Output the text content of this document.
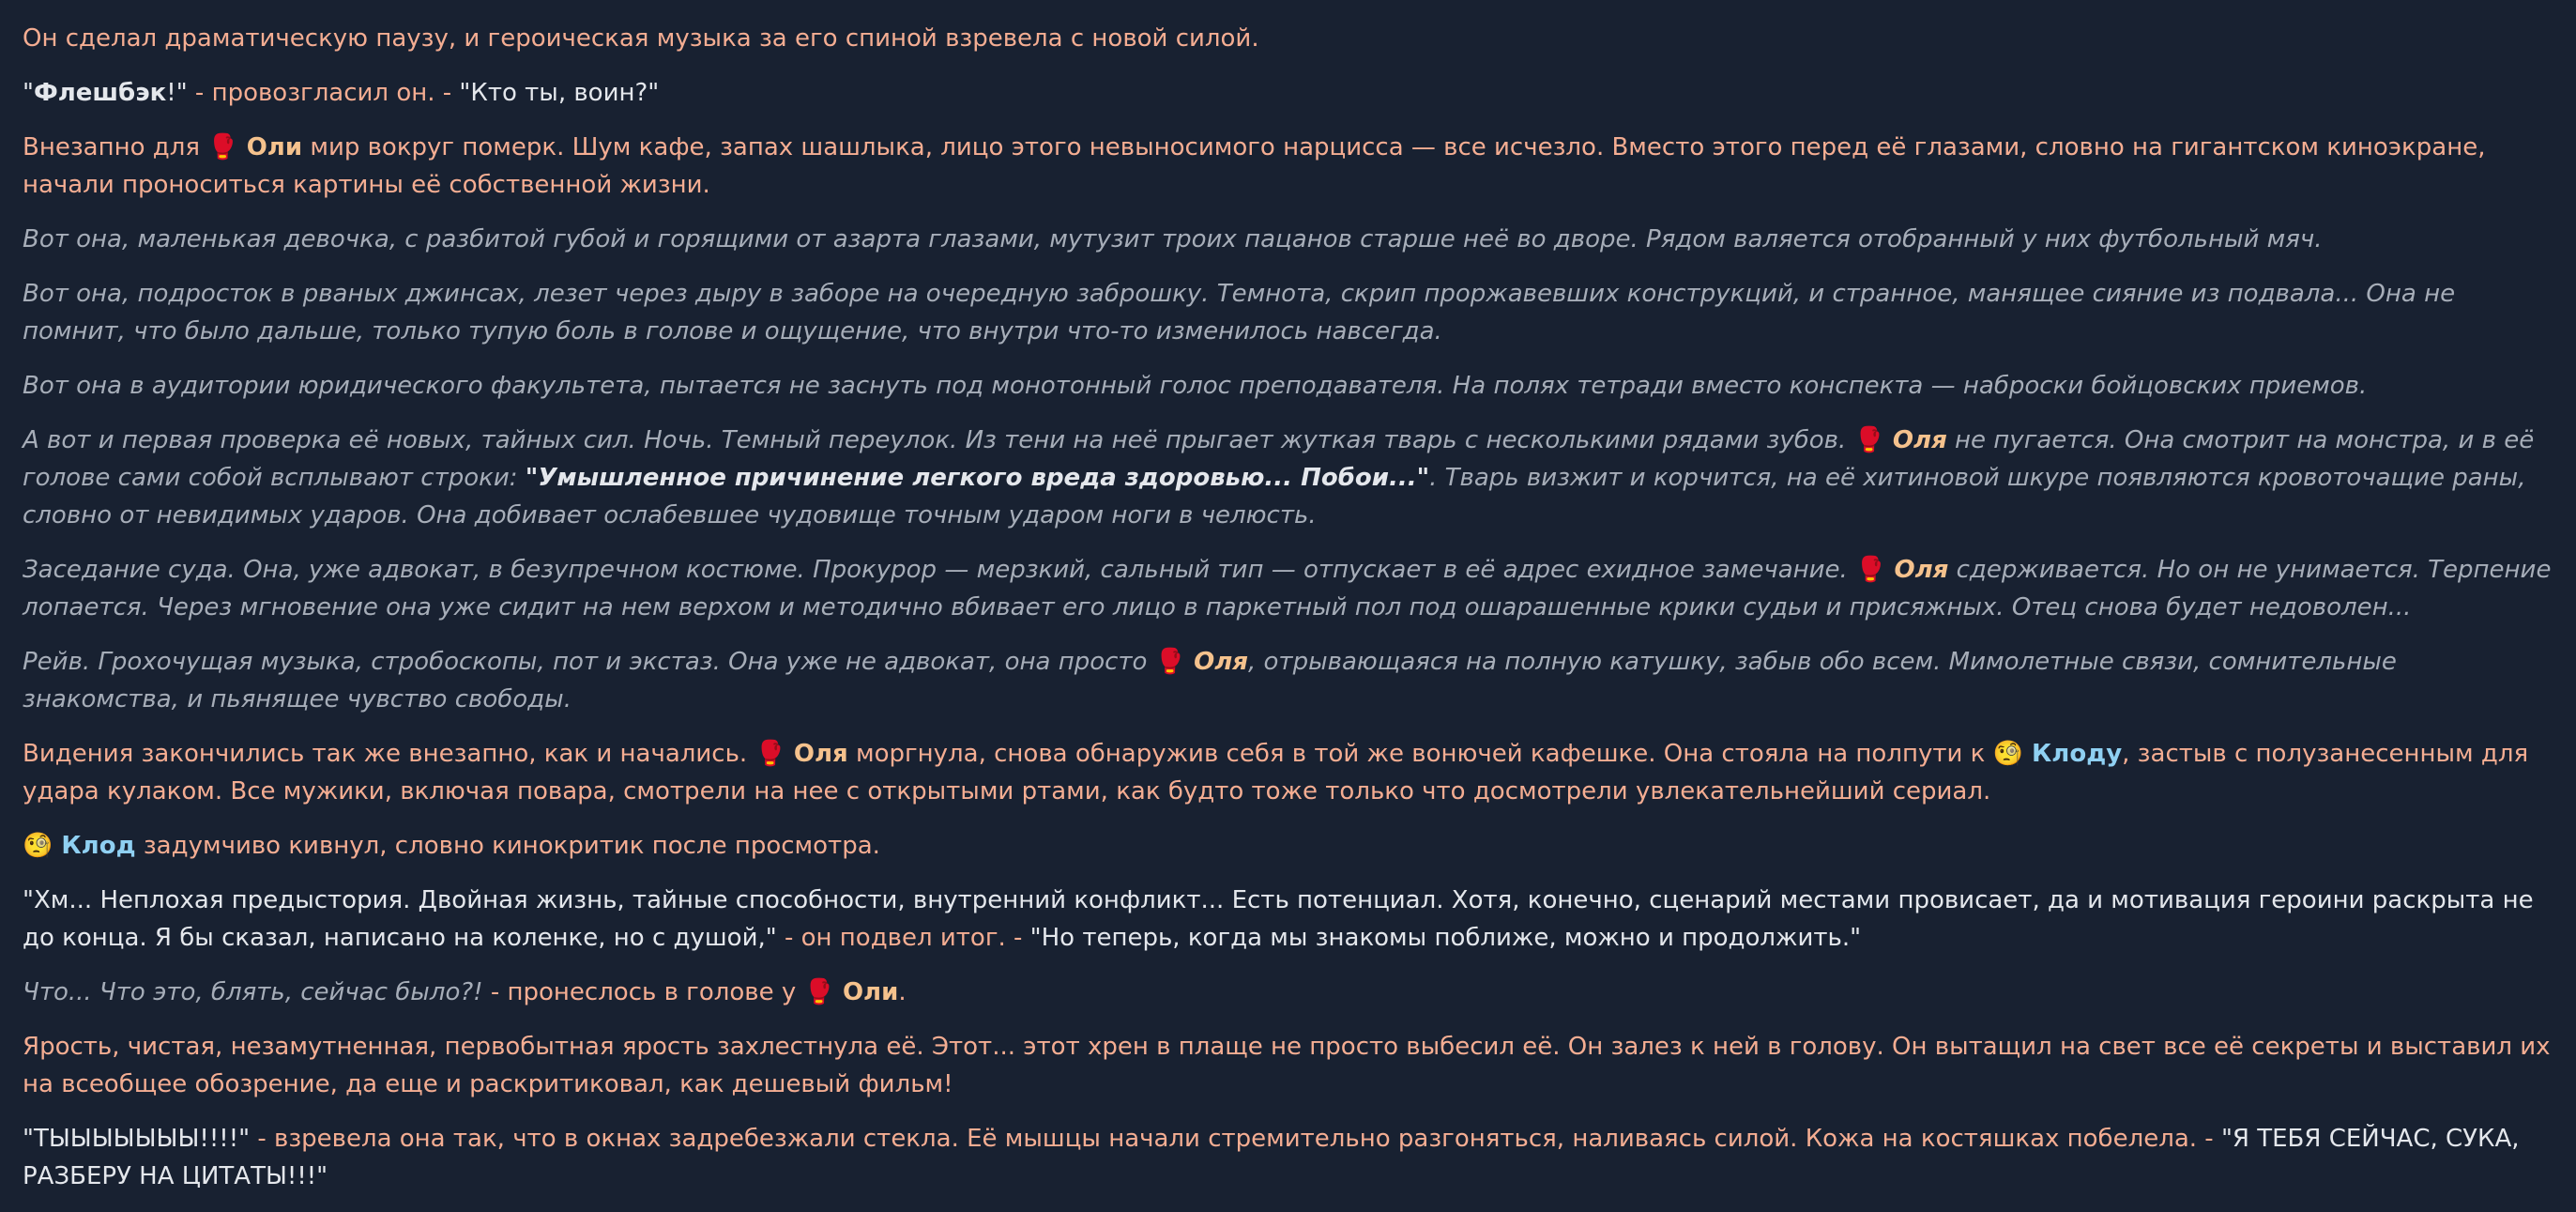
Он сделал драматическую паузу, и героическая музыка за его спиной взревела с новой силой.

"Флешбэк!" - провозгласил он. - "Кто ты, воин?"

Внезапно для 🥊 Оли мир вокруг померк. Шум кафе, запах шашлыка, лицо этого невыносимого нарцисса — все исчезло. Вместо этого перед её глазами, словно на гигантском киноэкране, начали проноситься картины её собственной жизни.

Вот она, маленькая девочка, с разбитой губой и горящими от азарта глазами, мутузит троих пацанов старше неё во дворе. Рядом валяется отобранный у них футбольный мяч.

Вот она, подросток в рваных джинсах, лезет через дыру в заборе на очередную заброшку. Темнота, скрип проржавевших конструкций, и странное, манящее сияние из подвала... Она не помнит, что было дальше, только тупую боль в голове и ощущение, что внутри что-то изменилось навсегда.

Вот она в аудитории юридического факультета, пытается не заснуть под монотонный голос преподавателя. На полях тетради вместо конспекта — наброски бойцовских приемов.

А вот и первая проверка её новых, тайных сил. Ночь. Темный переулок. Из тени на неё прыгает жуткая тварь с несколькими рядами зубов. 🥊 Оля не пугается. Она смотрит на монстра, и в её голове сами собой всплывают строки: "Умышленное причинение легкого вреда здоровью... Побои...". Тварь визжит и корчится, на её хитиновой шкуре появляются кровоточащие раны, словно от невидимых ударов. Она добивает ослабевшее чудовище точным ударом ноги в челюсть.

Заседание суда. Она, уже адвокат, в безупречном костюме. Прокурор — мерзкий, сальный тип — отпускает в её адрес ехидное замечание. 🥊 Оля сдерживается. Но он не унимается. Терпение лопается. Через мгновение она уже сидит на нем верхом и методично вбивает его лицо в паркетный пол под ошарашенные крики судьи и присяжных. Отец снова будет недоволен...

Рейв. Грохочущая музыка, стробоскопы, пот и экстаз. Она уже не адвокат, она просто 🥊 Оля, отрывающаяся на полную катушку, забыв обо всем. Мимолетные связи, сомнительные знакомства, и пьянящее чувство свободы.

Видения закончились так же внезапно, как и начались. 🥊 Оля моргнула, снова обнаружив себя в той же вонючей кафешке. Она стояла на полпути к 🧐 Клоду, застыв с полузанесенным для удара кулаком. Все мужики, включая повара, смотрели на нее с открытыми ртами, как будто тоже только что досмотрели увлекательнейший сериал.

🧐 Клод задумчиво кивнул, словно кинокритик после просмотра.

"Хм... Неплохая предыстория. Двойная жизнь, тайные способности, внутренний конфликт... Есть потенциал. Хотя, конечно, сценарий местами провисает, да и мотивация героини раскрыта не до конца. Я бы сказал, написано на коленке, но с душой," - он подвел итог. - "Но теперь, когда мы знакомы поближе, можно и продолжить."

Что... Что это, блять, сейчас было?! - пронеслось в голове у 🥊 Оли.

Ярость, чистая, незамутненная, первобытная ярость захлестнула её. Этот... этот хрен в плаще не просто выбесил её. Он залез к ней в голову. Он вытащил на свет все её секреты и выставил их на всеобщее обозрение, да еще и раскритиковал, как дешевый фильм!

"ТЫЫЫЫЫЫЫ!!!!" - взревела она так, что в окнах задребезжали стекла. Её мышцы начали стремительно разгоняться, наливаясь силой. Кожа на костяшках побелела. - "Я ТЕБЯ СЕЙЧАС, СУКА, РАЗБЕРУ НА ЦИТАТЫ!!!"
